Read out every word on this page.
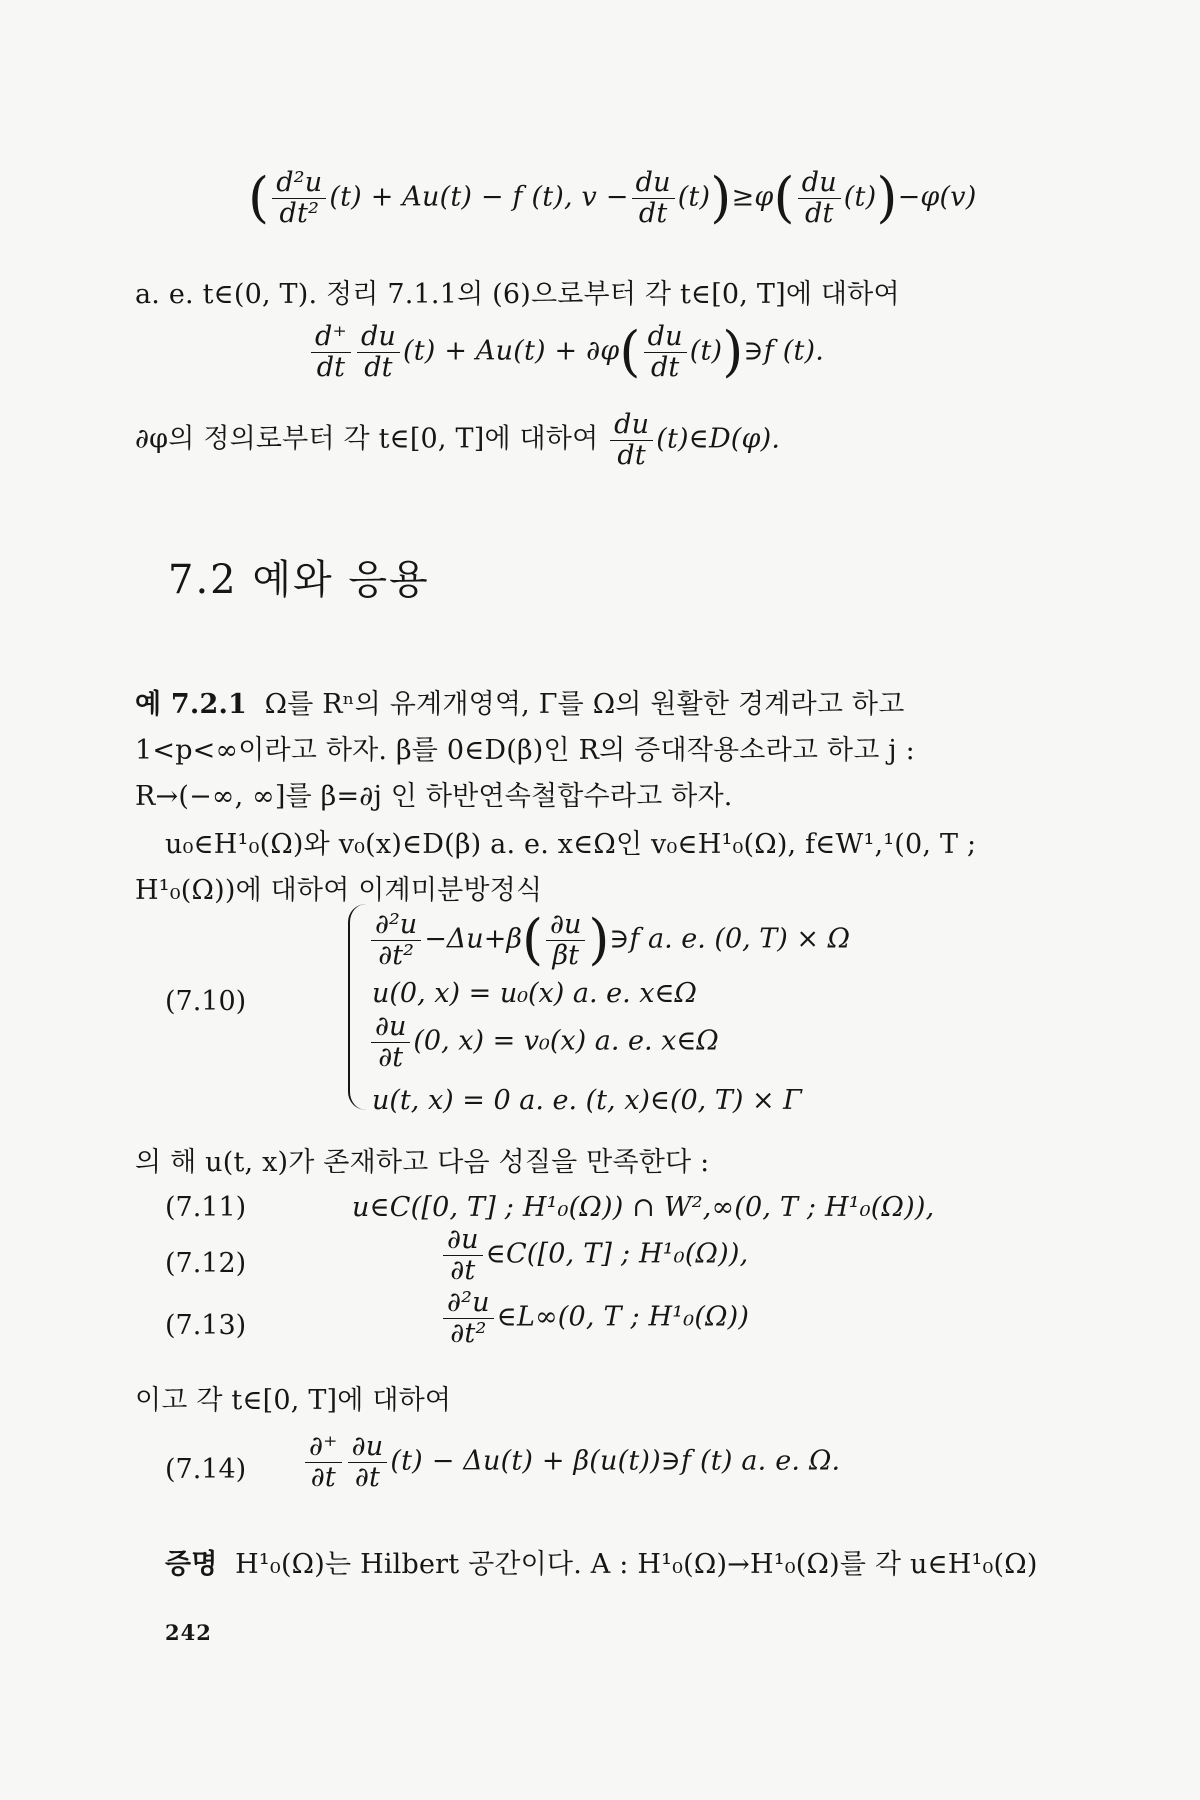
( $\frac{\text{d²u}}{\text{dt²}} (t) + Au(t) - f$ (t), $v - \frac{du}{dt} (t))\ge\varphi( \frac{du}{dt} (t))-\varphi(v)$
a. e. t∈(0, T). 정리 7.1.1의 (6)으로부터 각 t∈[0, T]에 대하여
$\frac{d^+}{dt} \frac{du}{dt} (t) + Au(t) + \partial\varphi( \frac{du}{dt}$ (t))∋f (t).
∂φ의 정의로부터 각 t∈[0, T]에 대하여 $\frac{du}{dt}$ (t)∈D(φ).
7.2 예와 응용
예 7.2.1 Ω를 Rⁿ의 유계개영역, Γ를 Ω의 원활한 경계라고 하고
1<p<∞이라고 하자. β를 0∈D(β)인 R의 증대작용소라고 하고 j :
R→(−∞, ∞]를 β=∂j 인 하반연속철합수라고 하자.
u₀∈H¹₀(Ω)와 v₀(x)∈D(β) a. e. x∈Ω인 v₀∈H¹₀(Ω), f∈W¹,¹(0, T ;
H¹₀(Ω))에 대하여 이계미분방정식
(7.10)
$\frac{\text{∂²u}}{\text{∂t²}} -\Delta u+\beta( \frac{\partial u}{\beta t}$ )∋f a. e. (0, T) × Ω
u(0, x) = u₀(x) a. e. x∈Ω
$\frac{\partial u}{\partial t} (0$, x) = v₀(x) a. e. x∈Ω
u(t, x) = 0 a. e. (t, x)∈(0, T) × Γ
의 해 u(t, x)가 존재하고 다음 성질을 만족한다 :
(7.11)	u∈C([0, T] ; H¹₀(Ω)) ∩ W²,∞(0, T ; H¹₀(Ω)),
(7.12)	$\frac{\partial u}{\partial t}$ ∈C([0, T] ; H¹₀(Ω)),
(7.13)	$\frac{\text{∂²u}}{\text{∂t²}}$ ∈L∞(0, T ; H¹₀(Ω))
이고 각 t∈[0, T]에 대하여
$(7.14) \frac{\partial^+}{\partial t} \frac{\partial u}{\partial t} (t) - \Delta u(t)$ + β(u(t))∋f (t) a. e. Ω.
증명 H¹₀(Ω)는 Hilbert 공간이다. A : H¹₀(Ω)→H¹₀(Ω)를 각 u∈H¹₀(Ω)
242
